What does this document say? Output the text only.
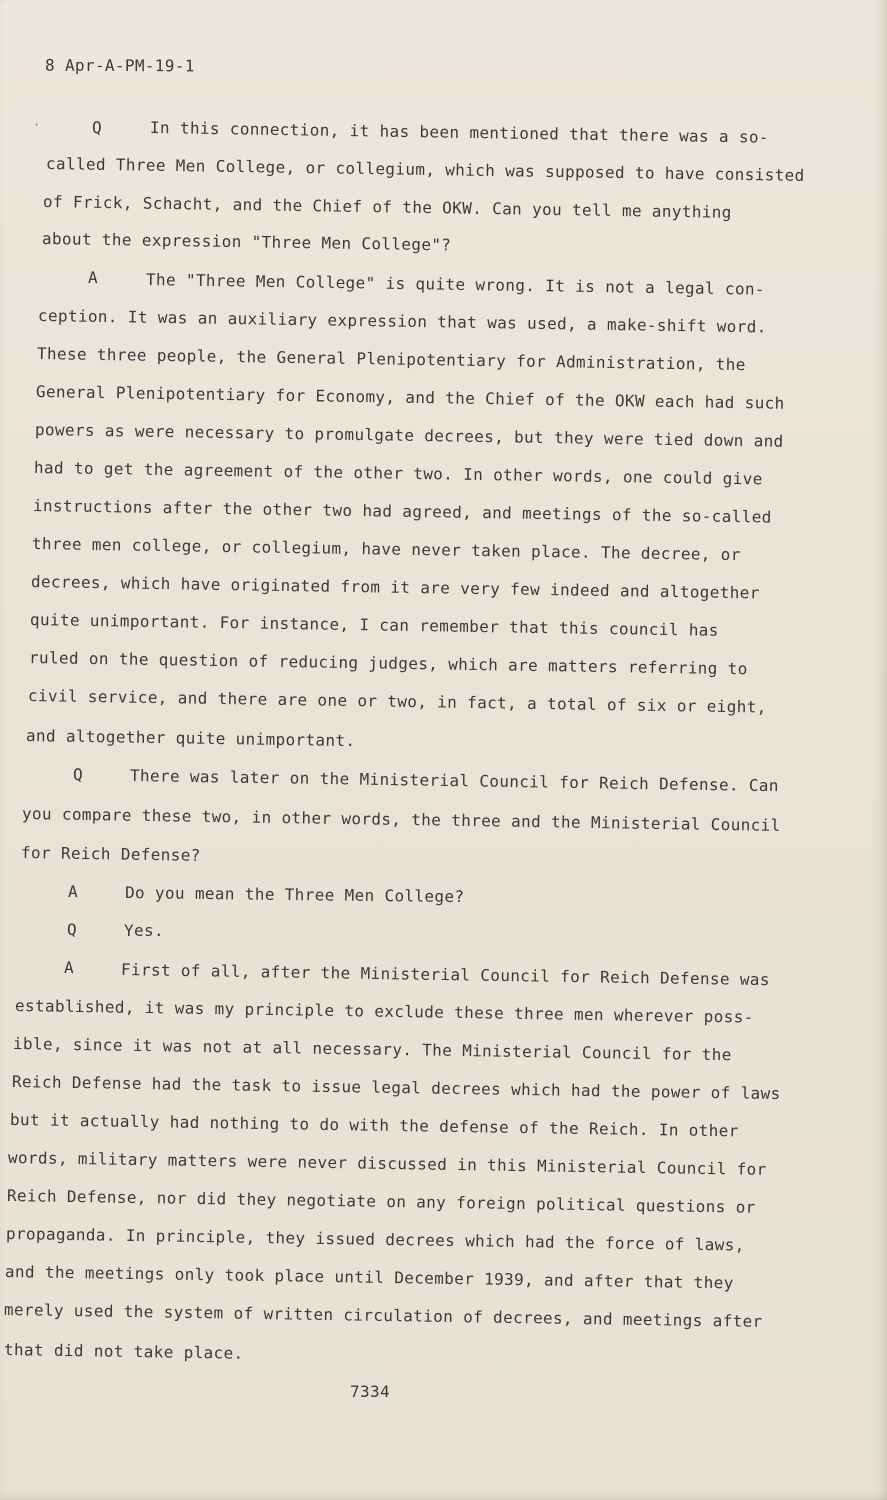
8 Apr-A-PM-19-1
·	Q	In this connection, it has been mentioned that there was a so-
called Three Men College, or collegium, which was supposed to have consisted
of Frick, Schacht, and the Chief of the OKW. Can you tell me anything
about the expression "Three Men College"?
A	The "Three Men College" is quite wrong. It is not a legal con-
ception. It was an auxiliary expression that was used, a make-shift word.
These three people, the General Plenipotentiary for Administration, the
General Plenipotentiary for Economy, and the Chief of the OKW each had such
powers as were necessary to promulgate decrees, but they were tied down and
had to get the agreement of the other two. In other words, one could give
instructions after the other two had agreed, and meetings of the so-called
three men college, or collegium, have never taken place. The decree, or
decrees, which have originated from it are very few indeed and altogether
quite unimportant. For instance, I can remember that this council has
ruled on the question of reducing judges, which are matters referring to
civil service, and there are one or two, in fact, a total of six or eight,
and altogether quite unimportant.
Q	There was later on the Ministerial Council for Reich Defense. Can
you compare these two, in other words, the three and the Ministerial Council
for Reich Defense?
A	Do you mean the Three Men College?
Q	Yes.
A	First of all, after the Ministerial Council for Reich Defense was
established, it was my principle to exclude these three men wherever poss-
ible, since it was not at all necessary. The Ministerial Council for the
Reich Defense had the task to issue legal decrees which had the power of laws
but it actually had nothing to do with the defense of the Reich. In other
words, military matters were never discussed in this Ministerial Council for
Reich Defense, nor did they negotiate on any foreign political questions or
propaganda. In principle, they issued decrees which had the force of laws,
and the meetings only took place until December 1939, and after that they
merely used the system of written circulation of decrees, and meetings after
that did not take place.
7334
